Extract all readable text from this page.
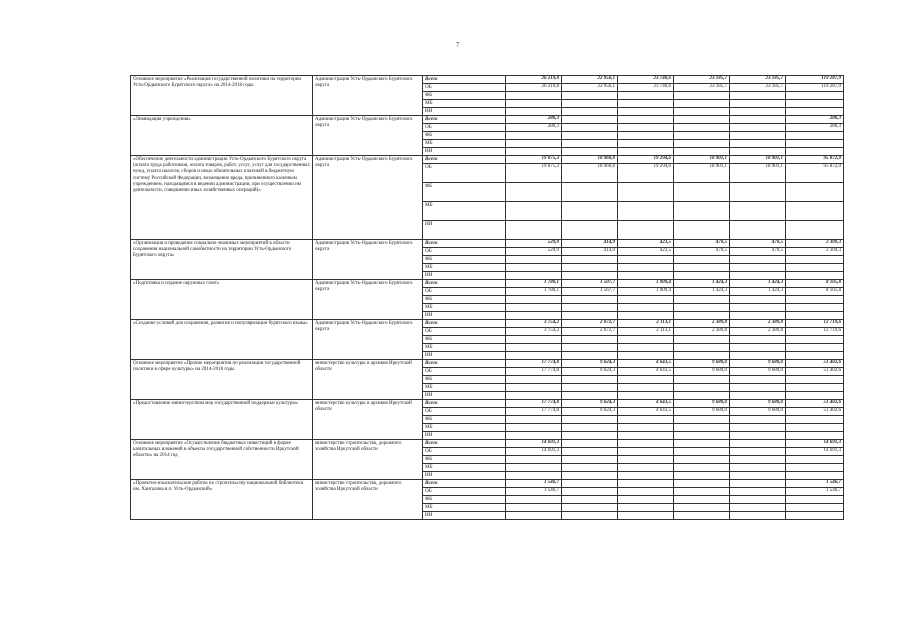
7
Основное мероприятие «Реализация государственной политики на территории Усть-Ордынского Бурятского округа» на 2014-2018 годы	Администрация Усть-Ордынского Бурятского округа	Всего	26 219,8	22 956,1	23 740,6	23 185,7	23 185,7	119 287,9
		ОБ	26 219,8	22 956,1	23 740,6	23 185,7	23 185,7	119 287,9
		ФБ						
		МБ						
		ИИ						
«Ликвидация учреждения»	Администрация Усть-Ордынского Бурятского округа	Всего	280,3					280,3
		ОБ	280,3					280,3
		ФБ						
		МБ						
		ИИ						
«Обеспечение деятельности администрации Усть-Ордынского Бурятского округа (оплата труда работников, оплата товаров, работ, услуг, услуг для государственных нужд, уплата налогов, сборов и иных обязательных платежей в бюджетную систему Российской Федерации, возмещение вреда, причиненного казенным учреждением, находящимся в ведении администрации, при осуществлении им деятельности, совершение иных хозяйственных операций)»	Администрация Усть-Ордынского Бурятского округа	Всего	19 875,3	18 960,8	19 294,6	18 901,1	18 901,1	95 872,9
		ОБ	19 875,3	18 960,8	19 294,6	18 901,1	18 901,1	95 872,9
		ФБ						
		МБ						
		ИИ						
«Организация и проведение социально-значимых мероприятий в области сохранения национальной самобытности на территории Усть-Ордынского Бурятского округа»	Администрация Усть-Ордынского Бурятского округа	Всего	529,9	414,9	423,5	470,5	470,5	2 309,3
		ОБ	529,9	414,9	423,5	470,5	470,5	2 309,3
		ФБ						
		МБ						
		ИИ						
«Подготовка и издание окружных газет»	Администрация Усть-Ордынского Бурятского округа	Всего	1 780,1	1 507,7	1 909,4	1 424,3	1 424,3	8 105,8
		ОБ	1 780,1	1 567,7	1 909,4	1 424,3	1 424,3	8 105,8
		ФБ						
		МБ						
		ИИ						
«Создание условий для сохранения, развития и популяризации бурятского языка»	Администрация Усть-Ордынского Бурятского округа	Всего	3 754,2	2 072,7	2 113,1	2 389,8	2 389,8	12 719,6
		ОБ	3 754,2	2 072,7	2 113,1	2 389,8	2 389,8	12 719,6
		ФБ						
		МБ						
		ИИ						
Основное мероприятие «Прочие мероприятия по реализации государственной политики в сфере культуры» на 2014-2018 годы	министерство культуры и архивов Иркутской области	Всего	17 774,8	9 624,3	4 643,5	9 680,0	9 680,0	51 402,6
		ОБ	17 774,8	9 624,3	4 643,5	9 680,0	9 680,0	51 402,6
		ФБ						
		МБ						
		ИИ						
«Предоставление министерством мер государственной поддержки культуры»	министерство культуры и архивов Иркутской области	Всего	17 774,8	9 624,3	4 643,5	9 680,0	9 680,0	51 402,6
		ОБ	17 774,8	9 624,3	4 643,5	9 680,0	9 680,0	51 402,6
		ФБ						
		МБ						
		ИИ						
Основное мероприятие «Осуществление бюджетных инвестиций в форме капитальных вложений в объекты государственной собственности Иркутской области» на 2014 год	министерство строительства, дорожного хозяйства Иркутской области	Всего	14 691,3					14 691,3
		ОБ	14 691,3					14 691,3
		ФБ						
		МБ						
		ИИ						
«Проектно-изыскательские работы по строительству национальной библиотеки им. Хангалова в п. Усть-Ордынский»	министерство строительства, дорожного хозяйства Иркутской области	Всего	1 546,7					1 546,7
		ОБ	1 546,7					1 546,7
		ФБ						
		МБ						
		ИИ						
